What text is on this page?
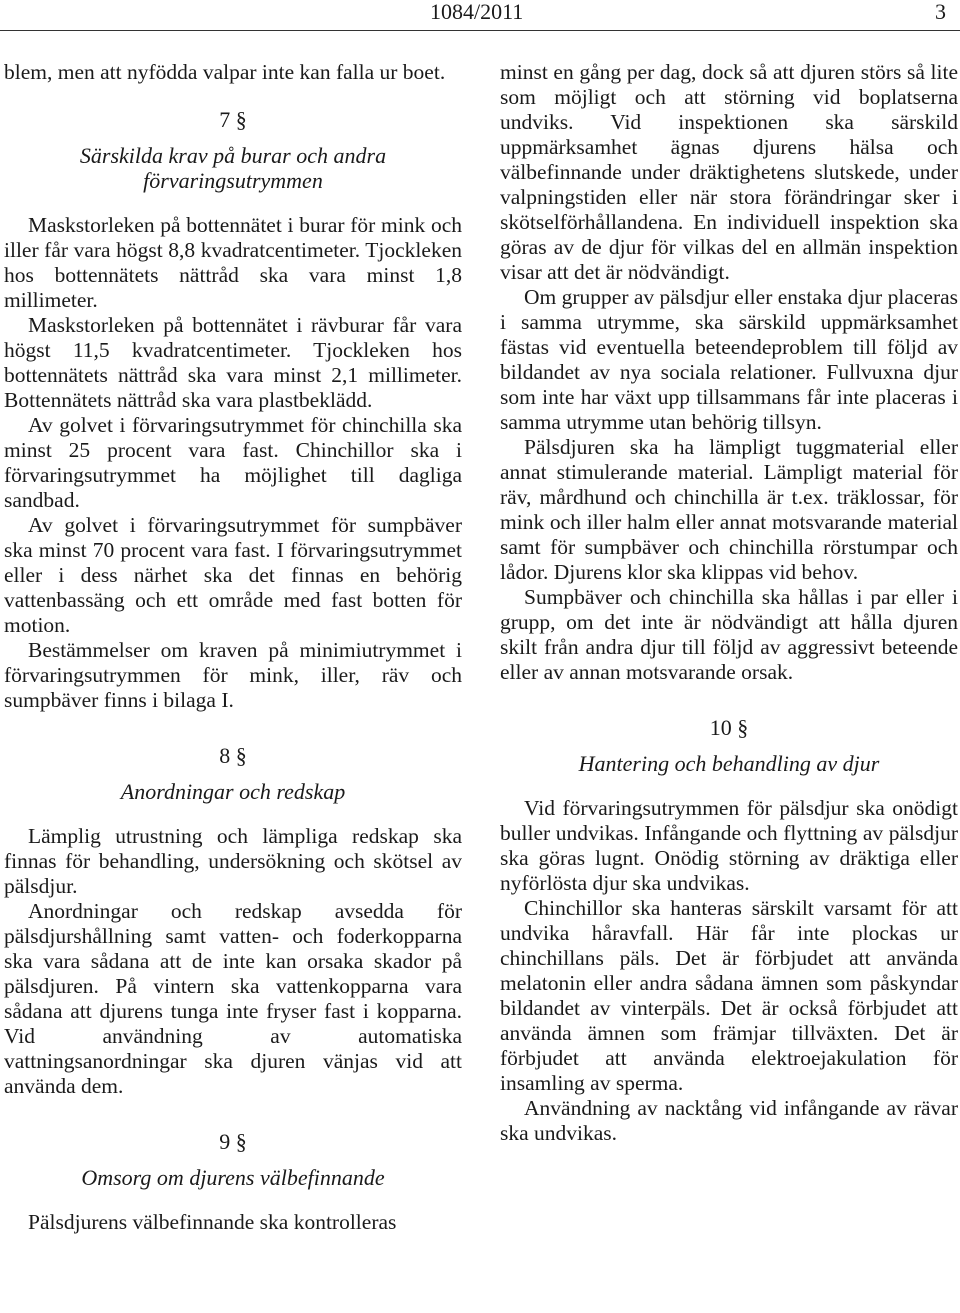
1084/2011	3

blem, men att nyfödda valpar inte kan falla ur boet.

7 §
Särskilda krav på burar och andra förvaringsutrymmen

Maskstorleken på bottennätet i burar för mink och iller får vara högst 8,8 kvadratcentimeter. Tjockleken hos bottennätets nättråd ska vara minst 1,8 millimeter.

Maskstorleken på bottennätet i rävburar får vara högst 11,5 kvadratcentimeter. Tjockleken hos bottennätets nättråd ska vara minst 2,1 millimeter. Bottennätets nättråd ska vara plastbeklädd.

Av golvet i förvaringsutrymmet för chinchilla ska minst 25 procent vara fast. Chinchillor ska i förvaringsutrymmet ha möjlighet till dagliga sandbad.

Av golvet i förvaringsutrymmet för sumpbäver ska minst 70 procent vara fast. I förvaringsutrymmet eller i dess närhet ska det finnas en behörig vattenbassäng och ett område med fast botten för motion.

Bestämmelser om kraven på minimiutrymmet i förvaringsutrymmen för mink, iller, räv och sumpbäver finns i bilaga I.

8 §
Anordningar och redskap

Lämplig utrustning och lämpliga redskap ska finnas för behandling, undersökning och skötsel av pälsdjur.

Anordningar och redskap avsedda för pälsdjurshållning samt vatten- och foderkopparna ska vara sådana att de inte kan orsaka skador på pälsdjuren. På vintern ska vattenkopparna vara sådana att djurens tunga inte fryser fast i kopparna. Vid användning av automatiska vattningsanordningar ska djuren vänjas vid att använda dem.

9 §
Omsorg om djurens välbefinnande

Pälsdjurens välbefinnande ska kontrolleras

minst en gång per dag, dock så att djuren störs så lite som möjligt och att störning vid boplatserna undviks. Vid inspektionen ska särskild uppmärksamhet ägnas djurens hälsa och välbefinnande under dräktighetens slutskede, under valpningstiden eller när stora förändringar sker i skötselförhållandena. En individuell inspektion ska göras av de djur för vilkas del en allmän inspektion visar att det är nödvändigt.

Om grupper av pälsdjur eller enstaka djur placeras i samma utrymme, ska särskild uppmärksamhet fästas vid eventuella beteendeproblem till följd av bildandet av nya sociala relationer. Fullvuxna djur som inte har växt upp tillsammans får inte placeras i samma utrymme utan behörig tillsyn.

Pälsdjuren ska ha lämpligt tuggmaterial eller annat stimulerande material. Lämpligt material för räv, mårdhund och chinchilla är t.ex. träklossar, för mink och iller halm eller annat motsvarande material samt för sumpbäver och chinchilla rörstumpar och lådor. Djurens klor ska klippas vid behov.

Sumpbäver och chinchilla ska hållas i par eller i grupp, om det inte är nödvändigt att hålla djuren skilt från andra djur till följd av aggressivt beteende eller av annan motsvarande orsak.

10 §
Hantering och behandling av djur

Vid förvaringsutrymmen för pälsdjur ska onödigt buller undvikas. Infångande och flyttning av pälsdjur ska göras lugnt. Onödig störning av dräktiga eller nyförlösta djur ska undvikas.

Chinchillor ska hanteras särskilt varsamt för att undvika håravfall. Här får inte plockas ur chinchillans päls. Det är förbjudet att använda melatonin eller andra sådana ämnen som påskyndar bildandet av vinterpäls. Det är också förbjudet att använda ämnen som främjar tillväxten. Det är förbjudet att använda elektroejakulation för insamling av sperma.

Användning av nacktång vid infångande av rävar ska undvikas.
